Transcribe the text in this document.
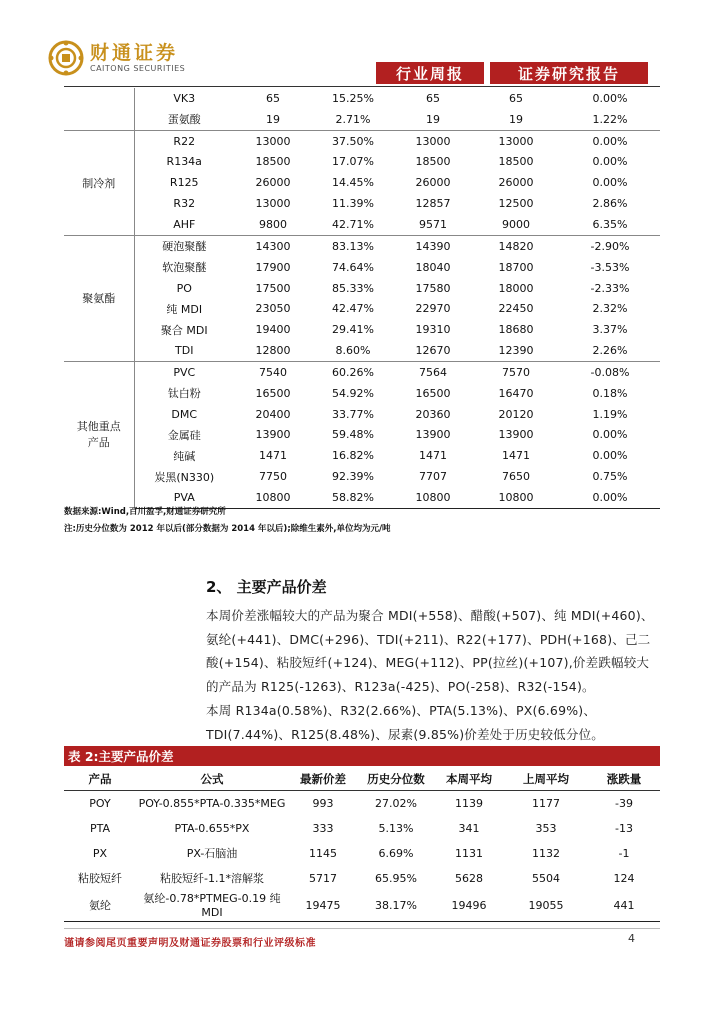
财通证券
CAITONG SECURITIES	行业周报	证券研究报告
	VK3	65	15.25%	65	65	0.00%
	蛋氨酸	19	2.71%	19	19	1.22%
制冷剂	R22	13000	37.50%	13000	13000	0.00%
	R134a	18500	17.07%	18500	18500	0.00%
	R125	26000	14.45%	26000	26000	0.00%
	R32	13000	11.39%	12857	12500	2.86%
	AHF	9800	42.71%	9571	9000	6.35%
聚氨酯	硬泡聚醚	14300	83.13%	14390	14820	-2.90%
	软泡聚醚	17900	74.64%	18040	18700	-3.53%
	PO	17500	85.33%	17580	18000	-2.33%
	纯 MDI	23050	42.47%	22970	22450	2.32%
	聚合 MDI	19400	29.41%	19310	18680	3.37%
	TDI	12800	8.60%	12670	12390	2.26%
其他重点产品	PVC	7540	60.26%	7564	7570	-0.08%
	钛白粉	16500	54.92%	16500	16470	0.18%
	DMC	20400	33.77%	20360	20120	1.19%
	金属硅	13900	59.48%	13900	13900	0.00%
	纯碱	1471	16.82%	1471	1471	0.00%
	炭黑(N330)	7750	92.39%	7707	7650	0.75%
	PVA	10800	58.82%	10800	10800	0.00%
数据来源:Wind,百川盈孚,财通证券研究所
注:历史分位数为 2012 年以后(部分数据为 2014 年以后);除维生素外,单位均为元/吨
2、 主要产品价差

本周价差涨幅较大的产品为聚合 MDI(+558)、醋酸(+507)、纯 MDI(+460)、氨纶(+441)、DMC(+296)、TDI(+211)、R22(+177)、PDH(+168)、己二酸(+154)、粘胶短纤(+124)、MEG(+112)、PP(拉丝)(+107),价差跌幅较大的产品为 R125(-1263)、R123a(-425)、PO(-258)、R32(-154)。

本周 R134a(0.58%)、R32(2.66%)、PTA(5.13%)、PX(6.69%)、TDI(7.44%)、R125(8.48%)、尿素(9.85%)价差处于历史较低分位。

表 2:主要产品价差
产品	公式	最新价差	历史分位数	本周平均	上周平均	涨跌量
POY	POY-0.855*PTA-0.335*MEG	993	27.02%	1139	1177	-39
PTA	PTA-0.655*PX	333	5.13%	341	353	-13
PX	PX-石脑油	1145	6.69%	1131	1132	-1
粘胶短纤	粘胶短纤-1.1*溶解浆	5717	65.95%	5628	5504	124
氨纶	氨纶-0.78*PTMEG-0.19 纯 MDI	19475	38.17%	19496	19055	441
谨请参阅尾页重要声明及财通证券股票和行业评级标准	4
